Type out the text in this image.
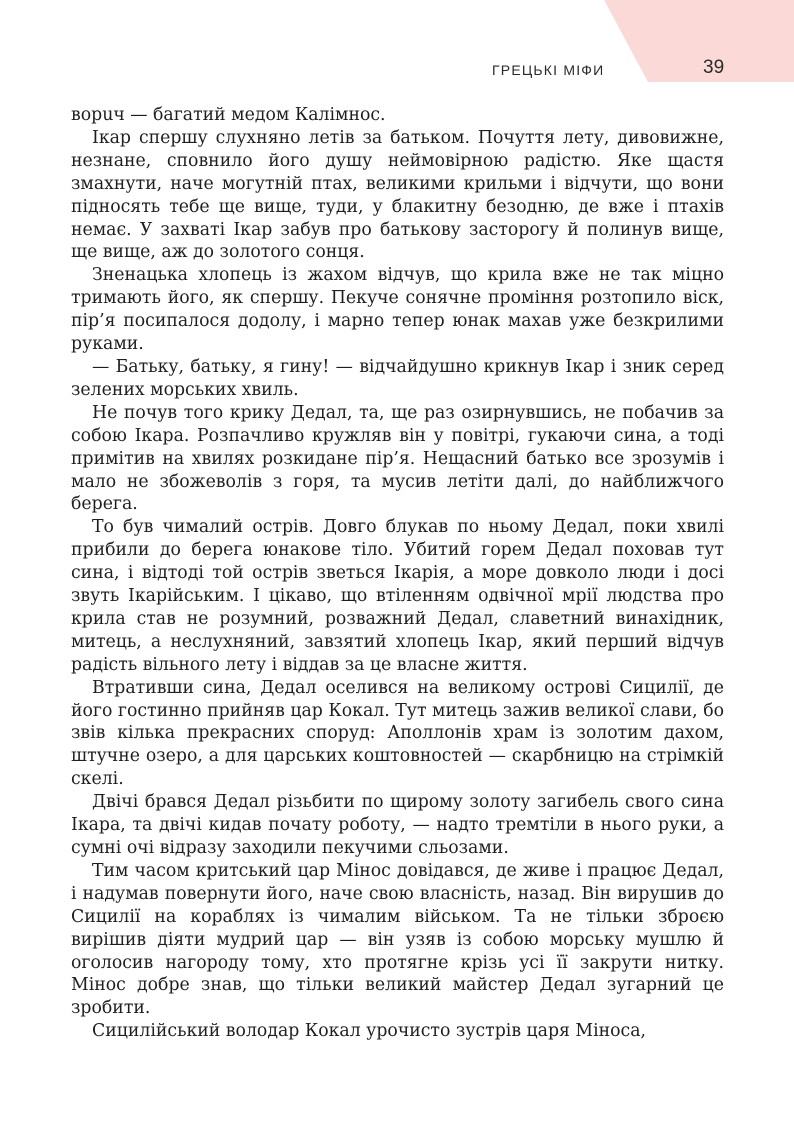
ГРЕЦЬКІ МІФИ	39

ворuч — багатий медом Калімнос.

Ікар спершу слухняно летів за батьком. Почуття лету, дивовижне, незнане, сповнило його душу неймовірною радістю. Яке щастя змахнути, наче могутній птах, великими крильми і відчути, що вони підносять тебе ще вище, туди, у блакитну безодню, де вже і птахів немає. У захваті Ікар забув про батькову засторогу й полинув вище, ще вище, аж до золотого сонця.

Зненацька хлопець із жахом відчув, що крила вже не так міцно тримають його, як спершу. Пекуче сонячне проміння розтопило віск, пір’я посипалося додолу, і марно тепер юнак махав уже безкрилими руками.

— Батьку, батьку, я гину! — відчайдушно крикнув Ікар і зник серед зелених морських хвиль.

Не почув того крику Дедал, та, ще раз озирнувшись, не побачив за собою Ікара. Розпачливо кружляв він у повітрі, гукаючи сина, а тоді примітив на хвилях розкидане пір’я. Нещасний батько все зрозумів і мало не збожеволів з горя, та мусив летіти далі, до найближчого берега.

То був чималий острів. Довго блукав по ньому Дедал, поки хвилі прибили до берега юнакове тіло. Убитий горем Дедал поховав тут сина, і відтоді той острів зветься Ікарія, а море довколо люди і досі звуть Ікарійським. І цікаво, що втіленням одвічної мрії людства про крила став не розумний, розважний Дедал, славетний винахідник, митець, а неслухняний, завзятий хлопець Ікар, який перший відчув радість вільного лету і віддав за це власне життя.

Втративши сина, Дедал оселився на великому острові Сицилії, де його гостинно прийняв цар Кокал. Тут митець зажив великої слави, бо звів кілька прекрасних споруд: Аполлонів храм із золотим дахом, штучне озеро, а для царських коштовностей — скарбницю на стрімкій скелі.

Двічі брався Дедал різьбити по щирому золоту загибель свого сина Ікара, та двічі кидав почату роботу, — надто тремтіли в нього руки, а сумні очі відразу заходили пекучими сльозами.

Тим часом критський цар Мінос довідався, де живе і працює Дедал, і надумав повернути його, наче свою власність, назад. Він вирушив до Сицилії на кораблях із чималим військом. Та не тільки зброєю вирішив діяти мудрий цар — він узяв із собою морську мушлю й оголосив нагороду тому, хто протягне крізь усі її закрути нитку. Мінос добре знав, що тільки великий майстер Дедал зугарний це зробити.

Сицилійський володар Кокал урочисто зустрів царя Міноса,
